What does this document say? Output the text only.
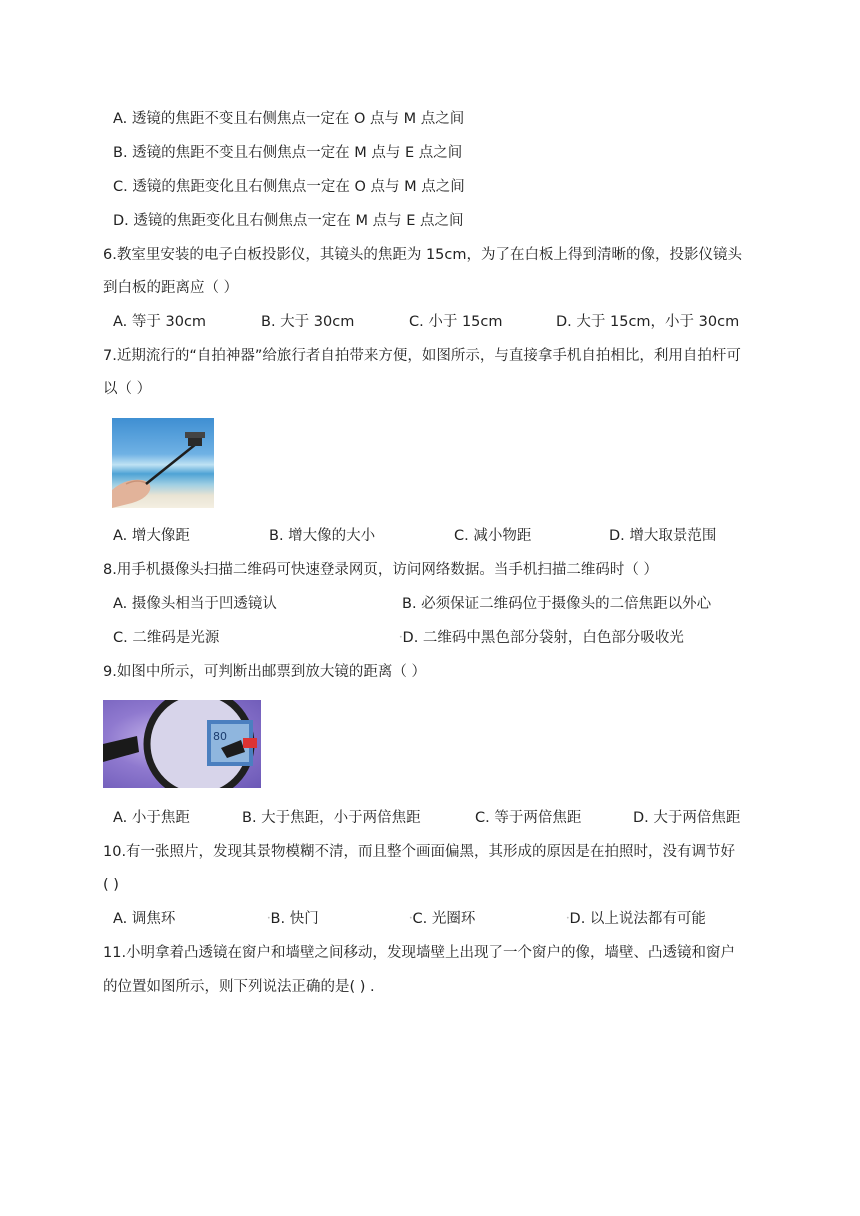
A. 透镜的焦距不变且右侧焦点一定在 O 点与 M 点之间
B. 透镜的焦距不变且右侧焦点一定在 M 点与 E 点之间
C. 透镜的焦距变化且右侧焦点一定在 O 点与 M 点之间
D. 透镜的焦距变化且右侧焦点一定在 M 点与 E 点之间
6.教室里安装的电子白板投影仪，其镜头的焦距为 15cm，为了在白板上得到清晰的像，投影仪镜头
到白板的距离应（ ）
A. 等于 30cm	B. 大于 30cm	C. 小于 15cm	D. 大于 15cm，小于 30cm
7.近期流行的“自拍神器”给旅行者自拍带来方便，如图所示，与直接拿手机自拍相比，利用自拍杆可
以（ ）
A. 增大像距	B. 增大像的大小	C. 减小物距	D. 增大取景范围
8.用手机摄像头扫描二维码可快速登录网页，访问网络数据。当手机扫描二维码时（ ）
A. 摄像头相当于凹透镜认	B. 必须保证二维码位于摄像头的二倍焦距以外心
C. 二维码是光源	•D. 二维码中黑色部分袋射，白色部分吸收光
9.如图中所示，可判断出邮票到放大镜的距离（ ）
80
A. 小于焦距	B. 大于焦距，小于两倍焦距	C. 等于两倍焦距	D. 大于两倍焦距
10.有一张照片，发现其景物模糊不清，而且整个画面偏黑，其形成的原因是在拍照时，没有调节好
( )
A. 调焦环	•B. 快门	•C. 光圈环	•D. 以上说法都有可能
11.小明拿着凸透镜在窗户和墙壁之间移动，发现墙壁上出现了一个窗户的像，墙壁、凸透镜和窗户
的位置如图所示，则下列说法正确的是( ) .
